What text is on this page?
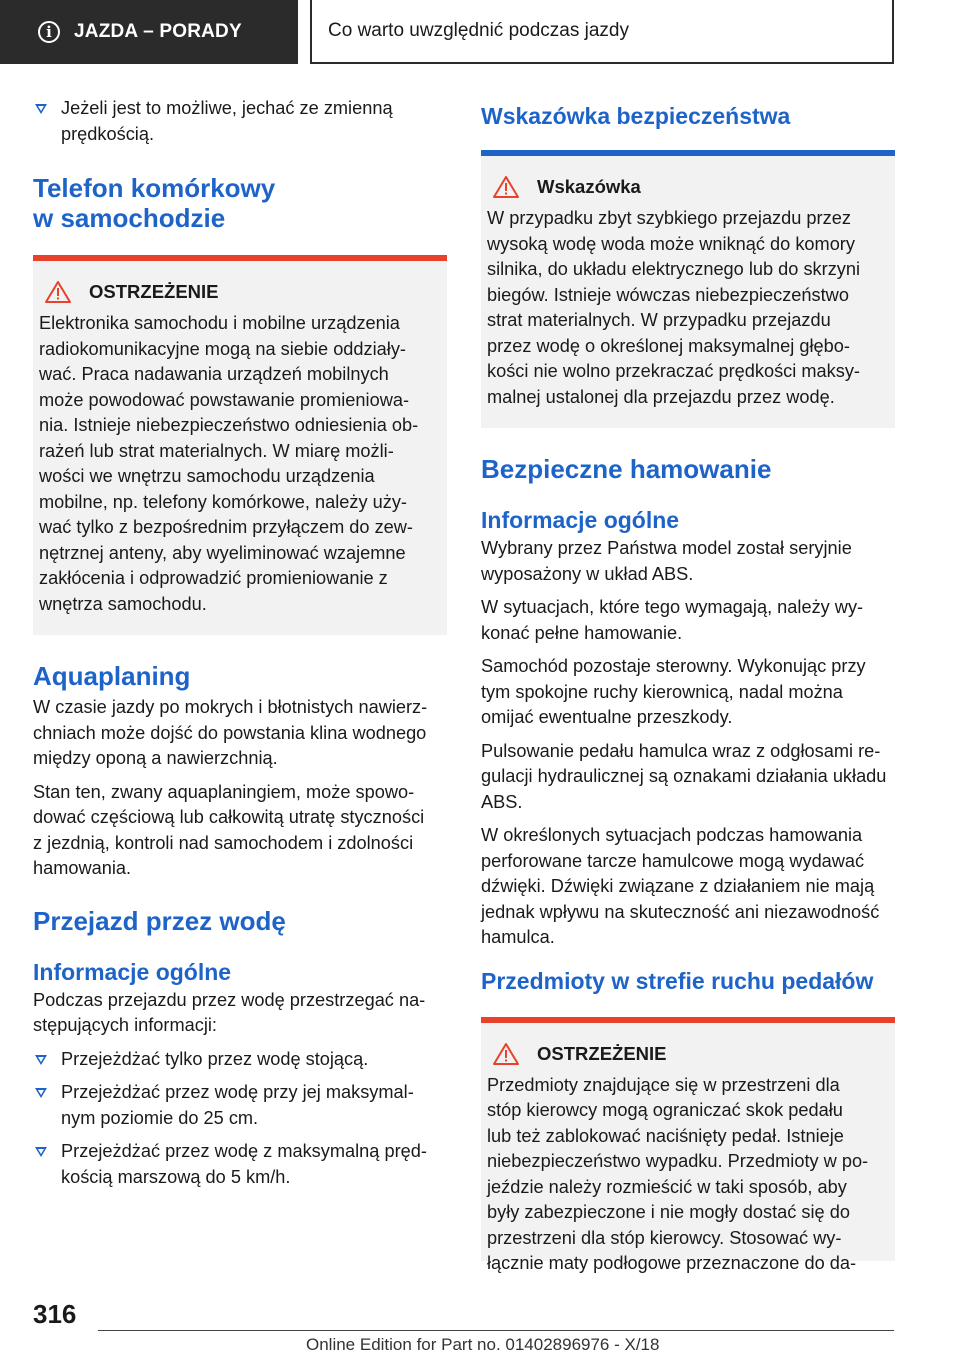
i	JAZDA – PORADY	Co warto uwzględnić podczas jazdy
Jeżeli jest to możliwe, jechać ze zmienną prędkością.
Telefon komórkowy
w samochodzie
OSTRZEŻENIE

Elektronika samochodu i mobilne urządzenia
radiokomunikacyjne mogą na siebie oddziały-
wać. Praca nadawania urządzeń mobilnych
może powodować powstawanie promieniowa-
nia. Istnieje niebezpieczeństwo odniesienia ob-
rażeń lub strat materialnych. W miarę możli-
wości we wnętrzu samochodu urządzenia
mobilne, np. telefony komórkowe, należy uży-
wać tylko z bezpośrednim przyłączem do zew-
nętrznej anteny, aby wyeliminować wzajemne
zakłócenia i odprowadzić promieniowanie z
wnętrza samochodu.

Aquaplaning

W czasie jazdy po mokrych i błotnistych nawierz-
chniach może dojść do powstania klina wodnego
między oponą a nawierzchnią.

Stan ten, zwany aquaplaningiem, może spowo-
dować częściową lub całkowitą utratę styczności
z jezdnią, kontroli nad samochodem i zdolności
hamowania.

Przejazd przez wodę
Informacje ogólne

Podczas przejazdu przez wodę przestrzegać na-
stępujących informacji:

Przejeżdżać tylko przez wodę stojącą.
Przejeżdżać przez wodę przy jej maksymal-
nym poziomie do 25 cm.
Przejeżdżać przez wodę z maksymalną pręd-
kością marszową do 5 km/h.
Wskazówka bezpieczeństwa
Wskazówka

W przypadku zbyt szybkiego przejazdu przez
wysoką wodę woda może wniknąć do komory
silnika, do układu elektrycznego lub do skrzyni
biegów. Istnieje wówczas niebezpieczeństwo
strat materialnych. W przypadku przejazdu
przez wodę o określonej maksymalnej głębo-
kości nie wolno przekraczać prędkości maksy-
malnej ustalonej dla przejazdu przez wodę.

Bezpieczne hamowanie
Informacje ogólne

Wybrany przez Państwa model został seryjnie
wyposażony w układ ABS.

W sytuacjach, które tego wymagają, należy wy-
konać pełne hamowanie.

Samochód pozostaje sterowny. Wykonując przy
tym spokojne ruchy kierownicą, nadal można
omijać ewentualne przeszkody.

Pulsowanie pedału hamulca wraz z odgłosami re-
gulacji hydraulicznej są oznakami działania układu
ABS.

W określonych sytuacjach podczas hamowania
perforowane tarcze hamulcowe mogą wydawać
dźwięki. Dźwięki związane z działaniem nie mają
jednak wpływu na skuteczność ani niezawodność
hamulca.

Przedmioty w strefie ruchu pedałów
OSTRZEŻENIE

Przedmioty znajdujące się w przestrzeni dla
stóp kierowcy mogą ograniczać skok pedału
lub też zablokować naciśnięty pedał. Istnieje
niebezpieczeństwo wypadku. Przedmioty w po-
jeździe należy rozmieścić w taki sposób, aby
były zabezpieczone i nie mogły dostać się do
przestrzeni dla stóp kierowcy. Stosować wy-
łącznie maty podłogowe przeznaczone do da-

316
Online Edition for Part no. 01402896976 - X/18
